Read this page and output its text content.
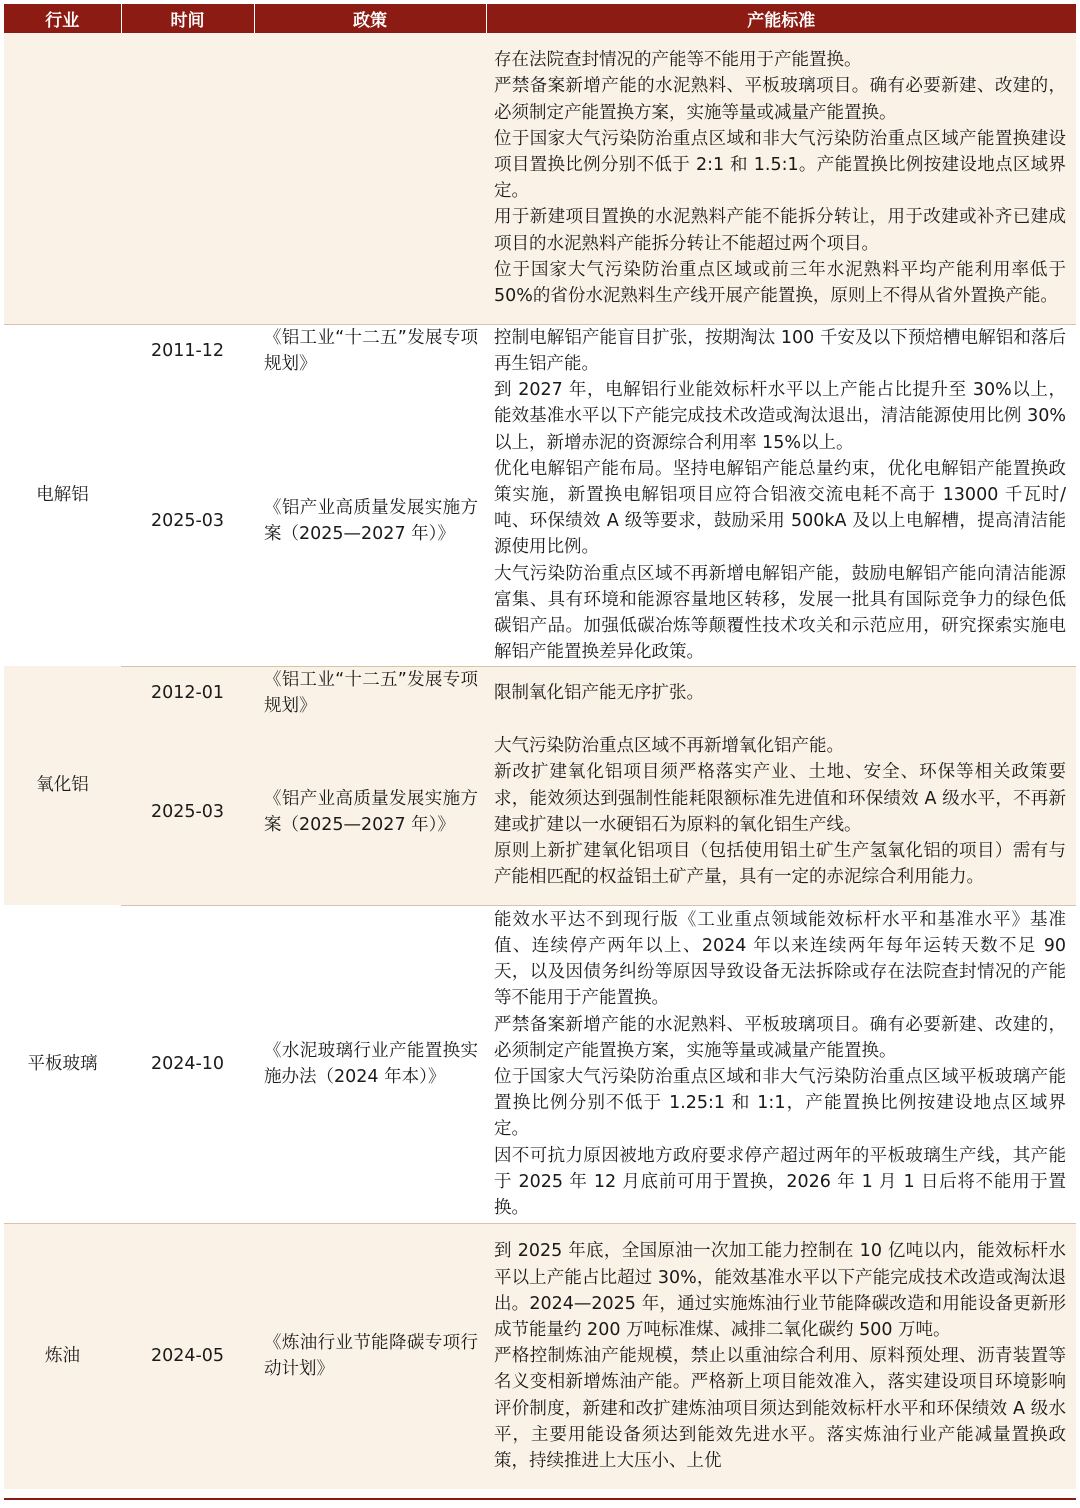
行业	时间	政策	产能标准

			存在法院查封情况的产能等不能用于产能置换。
严禁备案新增产能的水泥熟料、平板玻璃项目。确有必要新建、改建的，必须制定产能置换方案，实施等量或减量产能置换。
位于国家大气污染防治重点区域和非大气污染防治重点区域产能置换建设项目置换比例分别不低于 2:1 和 1.5:1。产能置换比例按建设地点区域界定。
用于新建项目置换的水泥熟料产能不能拆分转让，用于改建或补齐已建成项目的水泥熟料产能拆分转让不能超过两个项目。
位于国家大气污染防治重点区域或前三年水泥熟料平均产能利用率低于 50%的省份水泥熟料生产线开展产能置换，原则上不得从省外置换产能。

电解铝	2011-12	《铝工业“十二五”发展专项规划》	控制电解铝产能盲目扩张，按期淘汰 100 千安及以下预焙槽电解铝和落后再生铝产能。

	2025-03	《铝产业高质量发展实施方案（2025—2027 年）》	到 2027 年，电解铝行业能效标杆水平以上产能占比提升至 30%以上，能效基准水平以下产能完成技术改造或淘汰退出，清洁能源使用比例 30%以上，新增赤泥的资源综合利用率 15%以上。
优化电解铝产能布局。坚持电解铝产能总量约束，优化电解铝产能置换政策实施，新置换电解铝项目应符合铝液交流电耗不高于 13000 千瓦时/吨、环保绩效 A 级等要求，鼓励采用 500kA 及以上电解槽，提高清洁能源使用比例。
大气污染防治重点区域不再新增电解铝产能，鼓励电解铝产能向清洁能源富集、具有环境和能源容量地区转移，发展一批具有国际竞争力的绿色低碳铝产品。加强低碳冶炼等颠覆性技术攻关和示范应用，研究探索实施电解铝产能置换差异化政策。

氧化铝	2012-01	《铝工业“十二五”发展专项规划》	限制氧化铝产能无序扩张。

	2025-03	《铝产业高质量发展实施方案（2025—2027 年）》	大气污染防治重点区域不再新增氧化铝产能。
新改扩建氧化铝项目须严格落实产业、土地、安全、环保等相关政策要求，能效须达到强制性能耗限额标准先进值和环保绩效 A 级水平，不再新建或扩建以一水硬铝石为原料的氧化铝生产线。
原则上新扩建氧化铝项目（包括使用铝土矿生产氢氧化铝的项目）需有与产能相匹配的权益铝土矿产量，具有一定的赤泥综合利用能力。

平板玻璃	2024-10	《水泥玻璃行业产能置换实施办法（2024 年本）》	能效水平达不到现行版《工业重点领域能效标杆水平和基准水平》基准值、连续停产两年以上、2024 年以来连续两年每年运转天数不足 90 天，以及因债务纠纷等原因导致设备无法拆除或存在法院查封情况的产能等不能用于产能置换。
严禁备案新增产能的水泥熟料、平板玻璃项目。确有必要新建、改建的，必须制定产能置换方案，实施等量或减量产能置换。
位于国家大气污染防治重点区域和非大气污染防治重点区域平板玻璃产能置换比例分别不低于 1.25:1 和 1:1，产能置换比例按建设地点区域界定。
因不可抗力原因被地方政府要求停产超过两年的平板玻璃生产线，其产能于 2025 年 12 月底前可用于置换，2026 年 1 月 1 日后将不能用于置换。

炼油	2024-05	《炼油行业节能降碳专项行动计划》	到 2025 年底，全国原油一次加工能力控制在 10 亿吨以内，能效标杆水平以上产能占比超过 30%，能效基准水平以下产能完成技术改造或淘汰退出。2024—2025 年，通过实施炼油行业节能降碳改造和用能设备更新形成节能量约 200 万吨标准煤、减排二氧化碳约 500 万吨。
严格控制炼油产能规模，禁止以重油综合利用、原料预处理、沥青装置等名义变相新增炼油产能。严格新上项目能效准入，落实建设项目环境影响评价制度，新建和改扩建炼油项目须达到能效标杆水平和环保绩效 A 级水平，主要用能设备须达到能效先进水平。落实炼油行业产能减量置换政策，持续推进上大压小、上优
